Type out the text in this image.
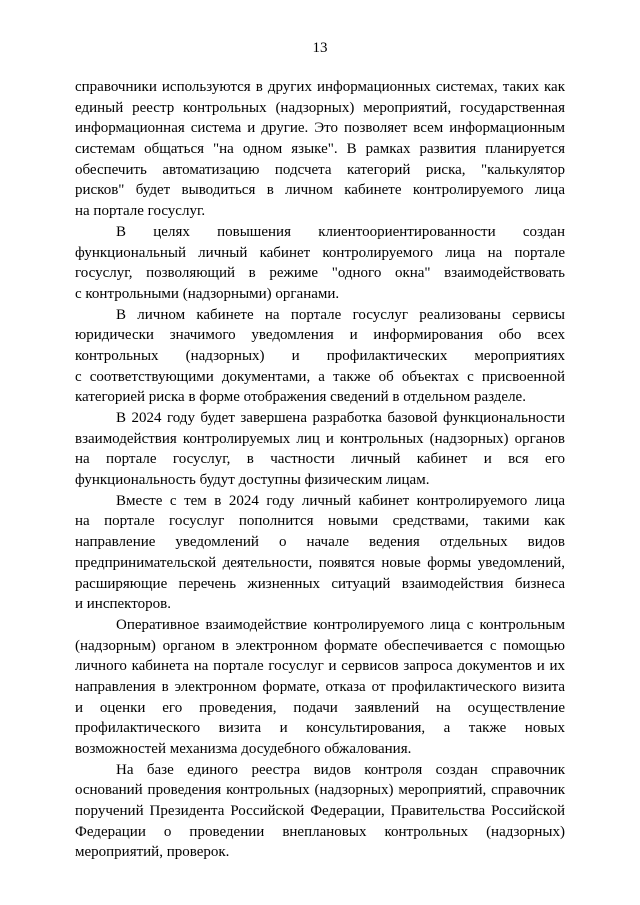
13
справочники используются в других информационных системах, таких как
единый реестр контрольных (надзорных) мероприятий, государственная
информационная система и другие. Это позволяет всем информационным
системам общаться "на одном языке". В рамках развития планируется
обеспечить автоматизацию подсчета категорий риска, "калькулятор
рисков" будет выводиться в личном кабинете контролируемого лица
на портале госуслуг.
В целях повышения клиентоориентированности создан
функциональный личный кабинет контролируемого лица на портале
госуслуг, позволяющий в режиме "одного окна" взаимодействовать
с контрольными (надзорными) органами.
В личном кабинете на портале госуслуг реализованы сервисы
юридически значимого уведомления и информирования обо всех
контрольных (надзорных) и профилактических мероприятиях
с соответствующими документами, а также об объектах с присвоенной
категорией риска в форме отображения сведений в отдельном разделе.
В 2024 году будет завершена разработка базовой функциональности
взаимодействия контролируемых лиц и контрольных (надзорных) органов
на портале госуслуг, в частности личный кабинет и вся его
функциональность будут доступны физическим лицам.
Вместе с тем в 2024 году личный кабинет контролируемого лица
на портале госуслуг пополнится новыми средствами, такими как
направление уведомлений о начале ведения отдельных видов
предпринимательской деятельности, появятся новые формы уведомлений,
расширяющие перечень жизненных ситуаций взаимодействия бизнеса
и инспекторов.
Оперативное взаимодействие контролируемого лица с контрольным
(надзорным) органом в электронном формате обеспечивается с помощью
личного кабинета на портале госуслуг и сервисов запроса документов и их
направления в электронном формате, отказа от профилактического визита
и оценки его проведения, подачи заявлений на осуществление
профилактического визита и консультирования, а также новых
возможностей механизма досудебного обжалования.
На базе единого реестра видов контроля создан справочник
оснований проведения контрольных (надзорных) мероприятий, справочник
поручений Президента Российской Федерации, Правительства Российской
Федерации о проведении внеплановых контрольных (надзорных)
мероприятий, проверок.
